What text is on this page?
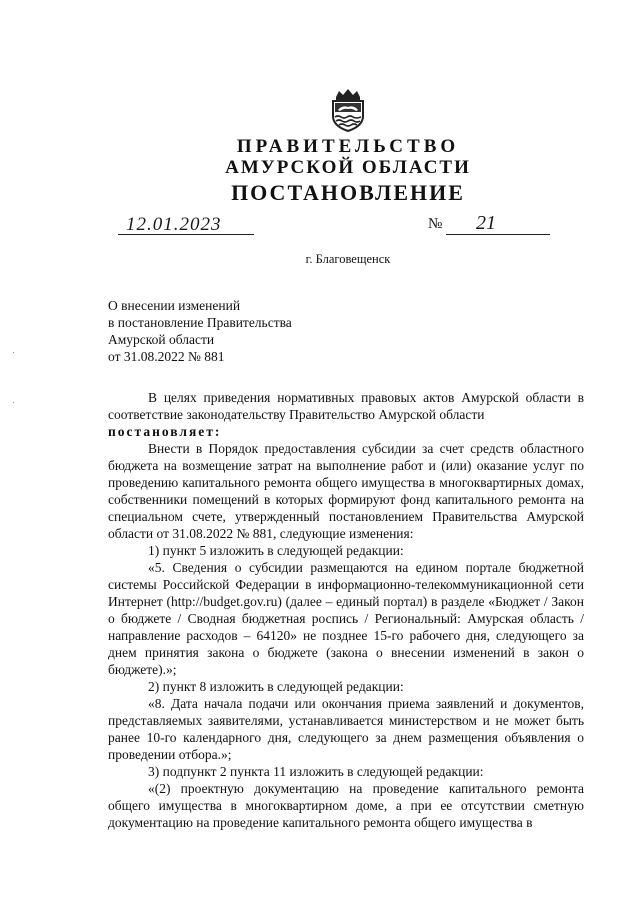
ПРАВИТЕЛЬСТВО
АМУРСКОЙ ОБЛАСТИ
ПОСТАНОВЛЕНИЕ
12.01.2023	№ 21
г. Благовещенск
О внесении изменений
в постановление Правительства
Амурской области
от 31.08.2022 № 881

В целях приведения нормативных правовых актов Амурской области в соответствие законодательству Правительство Амурской области

постановляет:

Внести в Порядок предоставления субсидии за счет средств областного бюджета на возмещение затрат на выполнение работ и (или) оказание услуг по проведению капитального ремонта общего имущества в многоквартирных домах, собственники помещений в которых формируют фонд капитального ремонта на специальном счете, утвержденный постановлением Правительства Амурской области от 31.08.2022 № 881, следующие изменения:

1) пункт 5 изложить в следующей редакции:

«5. Сведения о субсидии размещаются на едином портале бюджетной системы Российской Федерации в информационно-телекоммуникационной сети Интернет (http://budget.gov.ru) (далее – единый портал) в разделе «Бюджет / Закон о бюджете / Сводная бюджетная роспись / Региональный: Амурская область / направление расходов – 64120» не позднее 15-го рабочего дня, следующего за днем принятия закона о бюджете (закона о внесении изменений в закон о бюджете).»;

2) пункт 8 изложить в следующей редакции:

«8. Дата начала подачи или окончания приема заявлений и документов, представляемых заявителями, устанавливается министерством и не может быть ранее 10-го календарного дня, следующего за днем размещения объявления о проведении отбора.»;

3) подпункт 2 пункта 11 изложить в следующей редакции:

«(2) проектную документацию на проведение капитального ремонта общего имущества в многоквартирном доме, а при ее отсутствии сметную документацию на проведение капитального ремонта общего имущества в
